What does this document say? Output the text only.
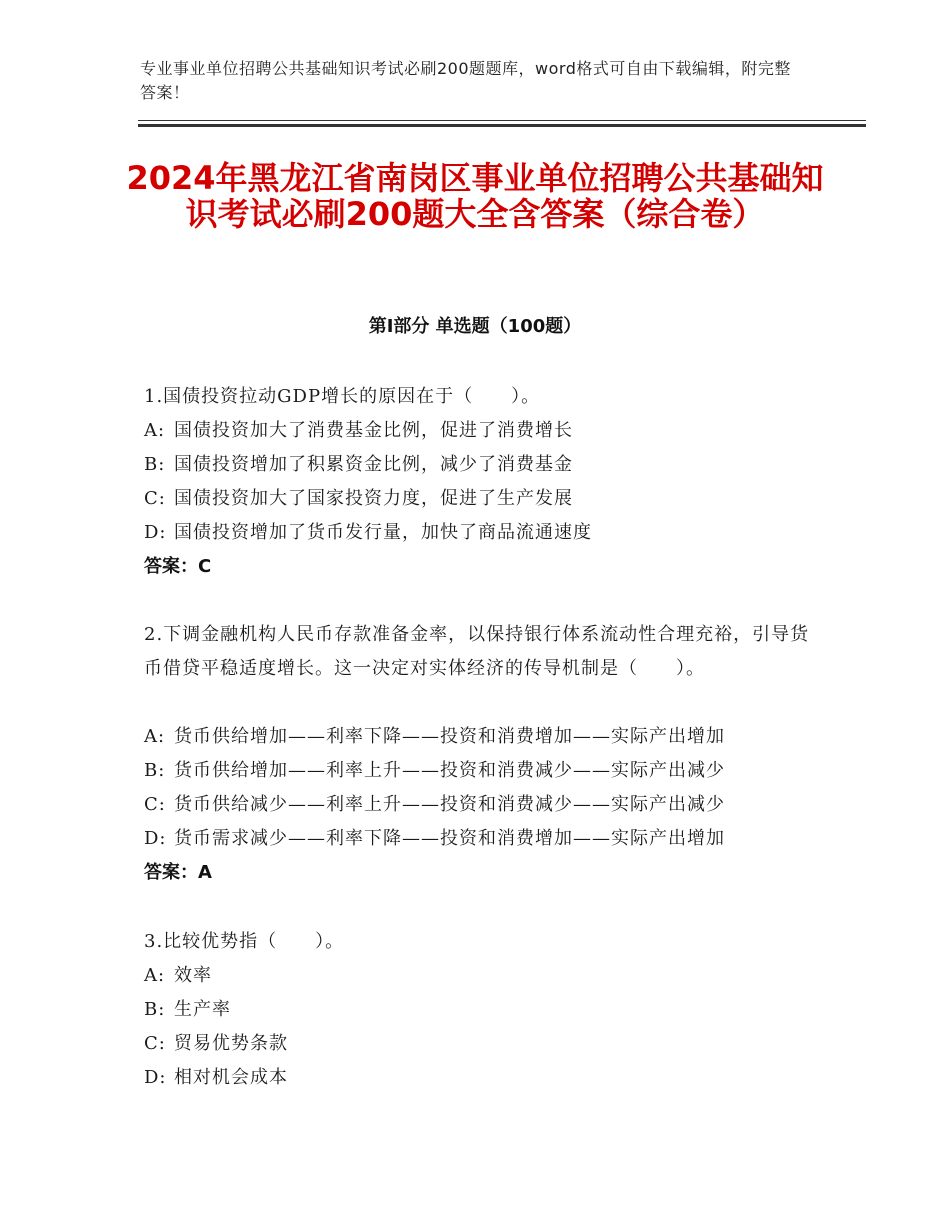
专业事业单位招聘公共基础知识考试必刷200题题库，word格式可自由下载编辑，附完整答案！
2024年黑龙江省南岗区事业单位招聘公共基础知识考试必刷200题大全含答案（综合卷）
第Ⅰ部分 单选题（100题）
1.国债投资拉动GDP增长的原因在于（　　）。
A: 国债投资加大了消费基金比例，促进了消费增长
B: 国债投资增加了积累资金比例，减少了消费基金
C: 国债投资加大了国家投资力度，促进了生产发展
D: 国债投资增加了货币发行量，加快了商品流通速度
答案：C
2.下调金融机构人民币存款准备金率，以保持银行体系流动性合理充裕，引导货币借贷平稳适度增长。这一决定对实体经济的传导机制是（　　）。
A: 货币供给增加——利率下降——投资和消费增加——实际产出增加
B: 货币供给增加——利率上升——投资和消费减少——实际产出减少
C: 货币供给减少——利率上升——投资和消费减少——实际产出减少
D: 货币需求减少——利率下降——投资和消费增加——实际产出增加
答案：A
3.比较优势指（　　）。
A: 效率
B: 生产率
C: 贸易优势条款
D: 相对机会成本
